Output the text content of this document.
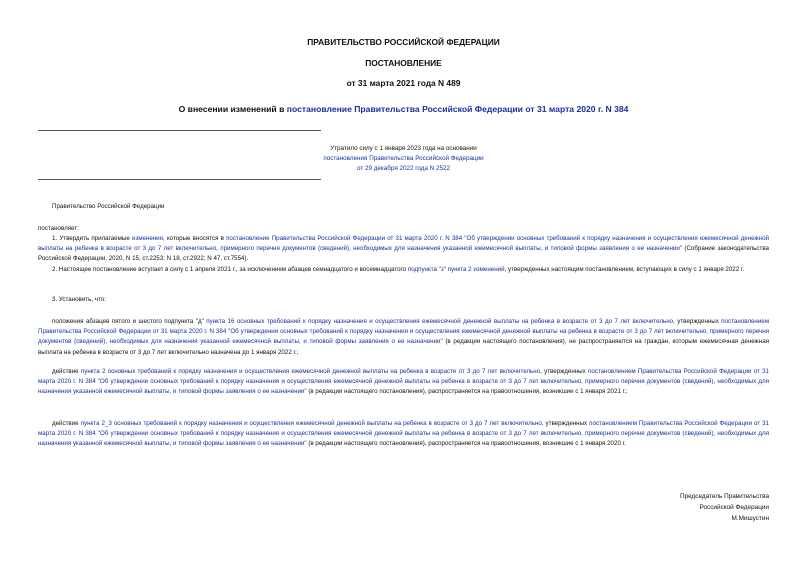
ПРАВИТЕЛЬСТВО РОССИЙСКОЙ ФЕДЕРАЦИИ
ПОСТАНОВЛЕНИЕ
от 31 марта 2021 года N 489
О внесении изменений в постановление Правительства Российской Федерации от 31 марта 2020 г. N 384
Утратило силу с 1 января 2023 года на основании
постановления Правительства Российской Федерации
от 29 декабря 2022 года N 2522

Правительство Российской Федерации

постановляет:

1. Утвердить прилагаемые изменения, которые вносятся в постановление Правительства Российской Федерации от 31 марта 2020 г. N 384 "Об утверждении основных требований к порядку назначения и осуществления ежемесячной денежной выплаты на ребенка в возрасте от 3 до 7 лет включительно, примерного перечня документов (сведений), необходимых для назначения указанной ежемесячной выплаты, и типовой формы заявления о ее назначении" (Собрание законодательства Российской Федерации, 2020, N 15, ст.2253; N 18, ст.2922; N 47, ст.7554).

2. Настоящее постановление вступает в силу с 1 апреля 2021 г., за исключением абзацев семнадцатого и восемнадцатого подпункта "з" пункта 2 изменений, утвержденных настоящим постановлением, вступающих в силу с 1 января 2022 г.

3. Установить, что:

положения абзацев пятого и шестого подпункта "д" пункта 16 основных требований к порядку назначения и осуществления ежемесячной денежной выплаты на ребенка в возрасте от 3 до 7 лет включительно, утвержденных постановлением Правительства Российской Федерации от 31 марта 2020 г. N 384 "Об утверждении основных требований к порядку назначения и осуществления ежемесячной денежной выплаты на ребенка в возрасте от 3 до 7 лет включительно, примерного перечня документов (сведений), необходимых для назначения указанной ежемесячной выплаты, и типовой формы заявления о ее назначении" (в редакции настоящего постановления), не распространяются на граждан, которым ежемесячная денежная выплата на ребенка в возрасте от 3 до 7 лет включительно назначена до 1 января 2022 г.;

действие пункта 2 основных требований к порядку назначения и осуществления ежемесячной денежной выплаты на ребенка в возрасте от 3 до 7 лет включительно, утвержденных постановлением Правительства Российской Федерации от 31 марта 2020 г. N 384 "Об утверждении основных требований к порядку назначения и осуществления ежемесячной денежной выплаты на ребенка в возрасте от 3 до 7 лет включительно, примерного перечня документов (сведений), необходимых для назначения указанной ежемесячной выплаты, и типовой формы заявления о ее назначении" (в редакции настоящего постановления), распространяется на правоотношения, возникшие с 1 января 2021 г.;

действие пункта 2_3 основных требований к порядку назначения и осуществления ежемесячной денежной выплаты на ребенка в возрасте от 3 до 7 лет включительно, утвержденных постановлением Правительства Российской Федерации от 31 марта 2020 г. N 384 "Об утверждении основных требований к порядку назначения и осуществления ежемесячной денежной выплаты на ребенка в возрасте от 3 до 7 лет включительно, примерного перечня документов (сведений), необходимых для назначения указанной ежемесячной выплаты, и типовой формы заявления о ее назначении" (в редакции настоящего постановления), распространяется на правоотношения, возникшие с 1 января 2020 г.

Председатель Правительства
Российской Федерации
М.Мишустин
